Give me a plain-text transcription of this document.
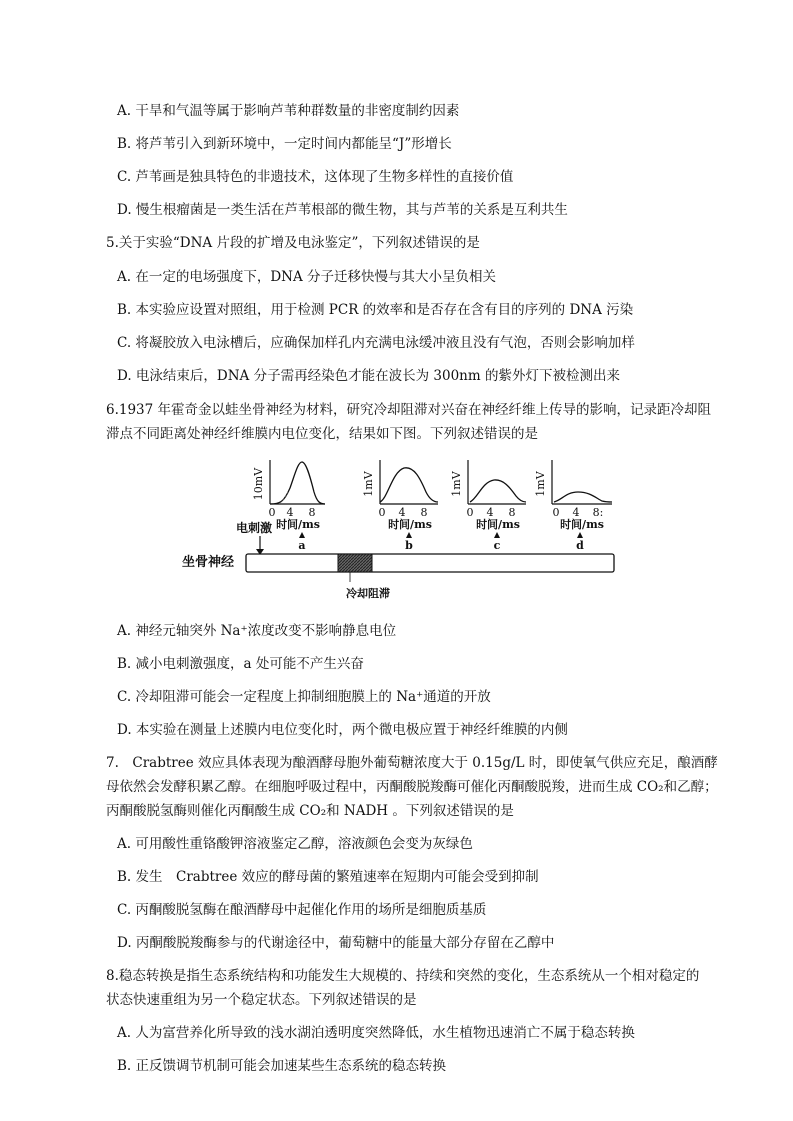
A. 干旱和气温等属于影响芦苇种群数量的非密度制约因素
B. 将芦苇引入到新环境中，一定时间内都能呈“J”形增长
C. 芦苇画是独具特色的非遗技术，这体现了生物多样性的直接价值
D. 慢生根瘤菌是一类生活在芦苇根部的微生物，其与芦苇的关系是互利共生
5.关于实验“DNA 片段的扩增及电泳鉴定”，下列叙述错误的是
A. 在一定的电场强度下，DNA 分子迁移快慢与其大小呈负相关
B. 本实验应设置对照组，用于检测 PCR 的效率和是否存在含有目的序列的 DNA 污染
C. 将凝胶放入电泳槽后，应确保加样孔内充满电泳缓冲液且没有气泡，否则会影响加样
D. 电泳结束后，DNA 分子需再经染色才能在波长为 300nm 的紫外灯下被检测出来
6.1937 年霍奇金以蛙坐骨神经为材料，研究冷却阻滞对兴奋在神经纤维上传导的影响，记录距冷却阻
滞点不同距离处神经纤维膜内电位变化，结果如下图。下列叙述错误的是
10mV
0 4 8
时间/ms
1mV
0 4 8
时间/ms
1mV
0 4 8
时间/ms
1mV
0 4 8:
时间/ms
电刺激
a	b	c	d
坐骨神经
冷却阻滞
A. 神经元轴突外 Na⁺浓度改变不影响静息电位
B. 减小电刺激强度，a 处可能不产生兴奋
C. 冷却阻滞可能会一定程度上抑制细胞膜上的 Na⁺通道的开放
D. 本实验在测量上述膜内电位变化时，两个微电极应置于神经纤维膜的内侧
7.　Crabtree 效应具体表现为酿酒酵母胞外葡萄糖浓度大于 0.15g/L 时，即使氧气供应充足，酿酒酵
母依然会发酵积累乙醇。在细胞呼吸过程中，丙酮酸脱羧酶可催化丙酮酸脱羧，进而生成 CO₂和乙醇；
丙酮酸脱氢酶则催化丙酮酸生成 CO₂和 NADH 。下列叙述错误的是
A. 可用酸性重铬酸钾溶液鉴定乙醇，溶液颜色会变为灰绿色
B. 发生　Crabtree 效应的酵母菌的繁殖速率在短期内可能会受到抑制
C. 丙酮酸脱氢酶在酿酒酵母中起催化作用的场所是细胞质基质
D. 丙酮酸脱羧酶参与的代谢途径中，葡萄糖中的能量大部分存留在乙醇中
8.稳态转换是指生态系统结构和功能发生大规模的、持续和突然的变化，生态系统从一个相对稳定的
状态快速重组为另一个稳定状态。下列叙述错误的是
A. 人为富营养化所导致的浅水湖泊透明度突然降低，水生植物迅速消亡不属于稳态转换
B. 正反馈调节机制可能会加速某些生态系统的稳态转换
